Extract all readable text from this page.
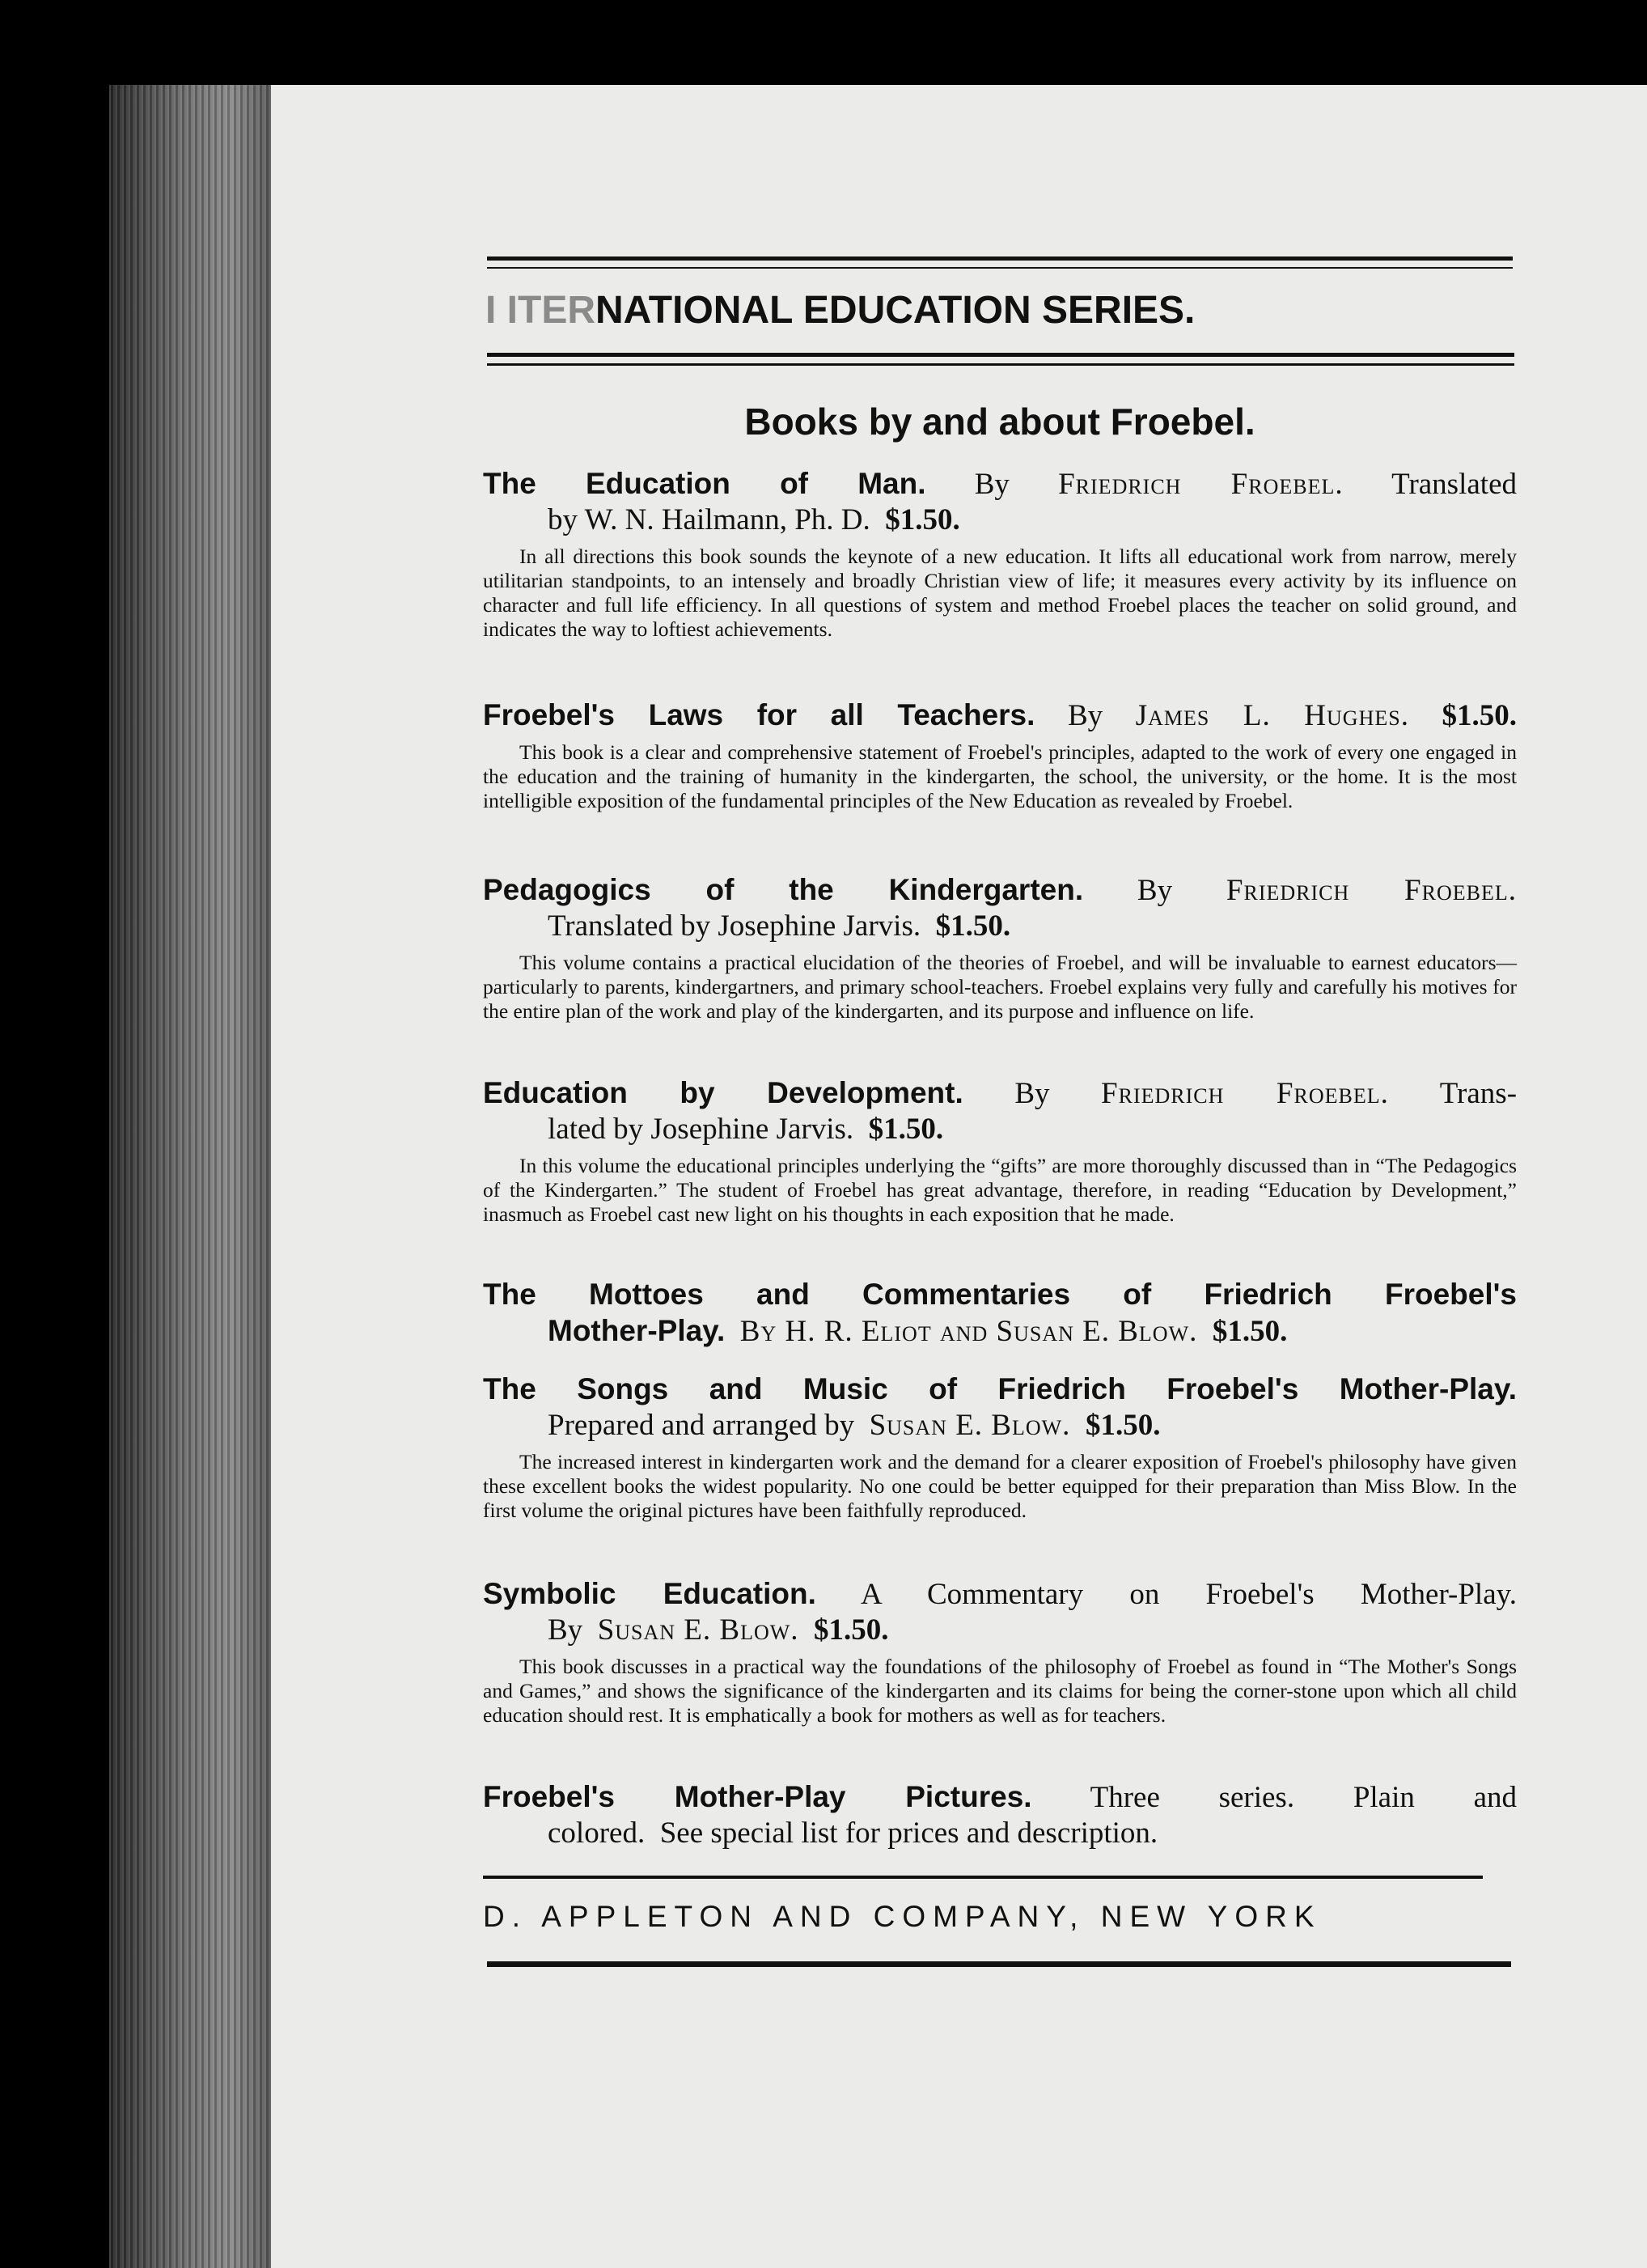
I ITERNATIONAL EDUCATION SERIES.
Books by and about Froebel.
The Education of Man. By Friedrich Froebel. Translated
by W. N. Hailmann, Ph. D. $1.50.
In all directions this book sounds the keynote of a new education. It lifts all educational work from narrow, merely utilitarian standpoints, to an intensely and broadly Christian view of life; it measures every activity by its influence on character and full life efficiency. In all questions of system and method Froebel places the teacher on solid ground, and indicates the way to loftiest achievements.
Froebel's Laws for all Teachers. By James L. Hughes. $1.50.
This book is a clear and comprehensive statement of Froebel's principles, adapted to the work of every one engaged in the education and the training of humanity in the kindergarten, the school, the university, or the home. It is the most intelligible exposition of the fundamental principles of the New Education as revealed by Froebel.
Pedagogics of the Kindergarten. By Friedrich Froebel.
Translated by Josephine Jarvis. $1.50.
This volume contains a practical elucidation of the theories of Froebel, and will be invaluable to earnest educators—particularly to parents, kindergartners, and primary school-teachers. Froebel explains very fully and carefully his motives for the entire plan of the work and play of the kindergarten, and its purpose and influence on life.
Education by Development. By Friedrich Froebel. Trans-
lated by Josephine Jarvis. $1.50.
In this volume the educational principles underlying the “gifts” are more thoroughly discussed than in “The Pedagogics of the Kindergarten.” The student of Froebel has great advantage, therefore, in reading “Education by Development,” inasmuch as Froebel cast new light on his thoughts in each exposition that he made.
The Mottoes and Commentaries of Friedrich Froebel's
Mother-Play. By H. R. Eliot and Susan E. Blow. $1.50.
The Songs and Music of Friedrich Froebel's Mother-Play.
Prepared and arranged by Susan E. Blow. $1.50.
The increased interest in kindergarten work and the demand for a clearer exposition of Froebel's philosophy have given these excellent books the widest popularity. No one could be better equipped for their preparation than Miss Blow. In the first volume the original pictures have been faithfully reproduced.
Symbolic Education. A Commentary on Froebel's Mother-Play.
By Susan E. Blow. $1.50.
This book discusses in a practical way the foundations of the philosophy of Froebel as found in “The Mother's Songs and Games,” and shows the significance of the kindergarten and its claims for being the corner-stone upon which all child education should rest. It is emphatically a book for mothers as well as for teachers.
Froebel's Mother-Play Pictures. Three series. Plain and
colored. See special list for prices and description.
D. APPLETON AND COMPANY, NEW YORK
